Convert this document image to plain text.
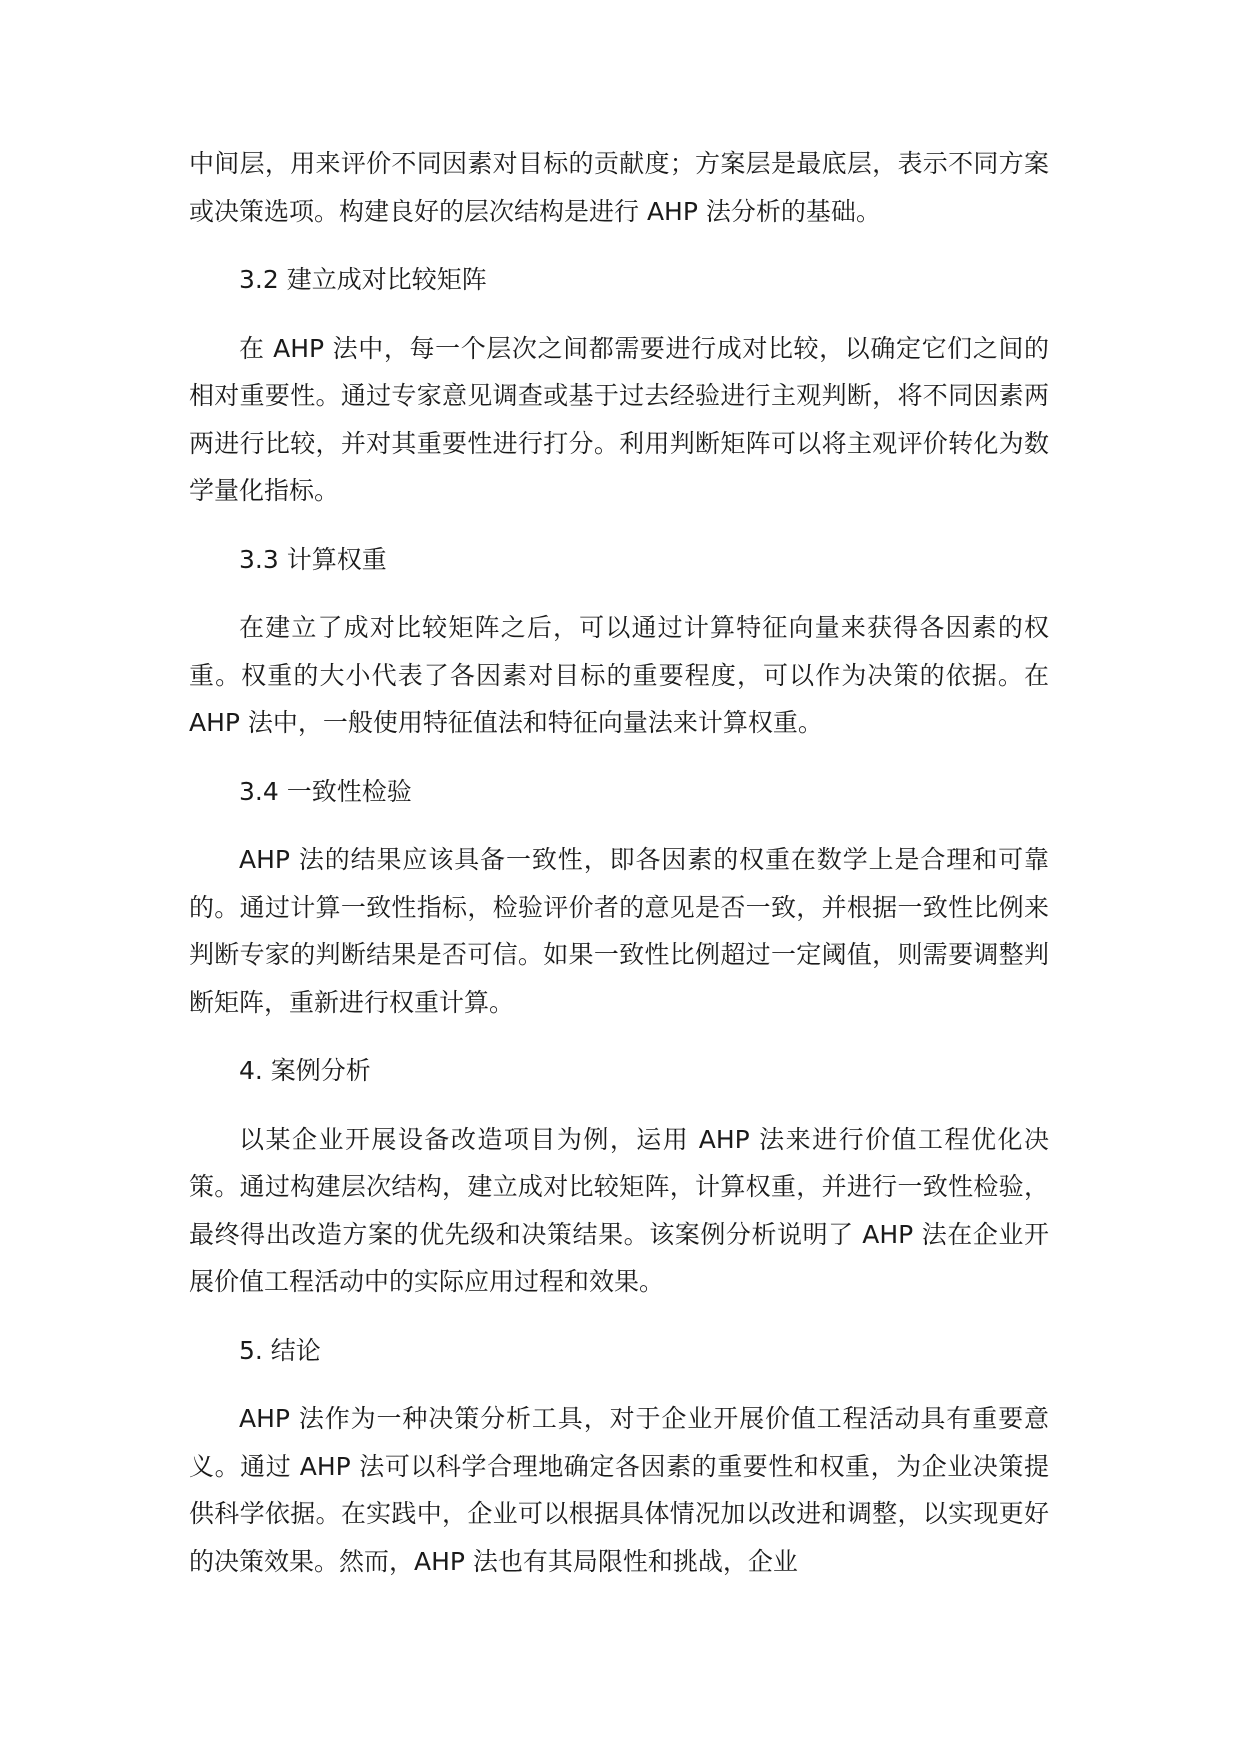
中间层，用来评价不同因素对目标的贡献度；方案层是最底层，表示不同方案或决策选项。构建良好的层次结构是进行 AHP 法分析的基础。

3.2 建立成对比较矩阵

在 AHP 法中，每一个层次之间都需要进行成对比较，以确定它们之间的相对重要性。通过专家意见调查或基于过去经验进行主观判断，将不同因素两两进行比较，并对其重要性进行打分。利用判断矩阵可以将主观评价转化为数学量化指标。

3.3 计算权重

在建立了成对比较矩阵之后，可以通过计算特征向量来获得各因素的权重。权重的大小代表了各因素对目标的重要程度，可以作为决策的依据。在 AHP 法中，一般使用特征值法和特征向量法来计算权重。

3.4 一致性检验

AHP 法的结果应该具备一致性，即各因素的权重在数学上是合理和可靠的。通过计算一致性指标，检验评价者的意见是否一致，并根据一致性比例来判断专家的判断结果是否可信。如果一致性比例超过一定阈值，则需要调整判断矩阵，重新进行权重计算。

4. 案例分析

以某企业开展设备改造项目为例，运用 AHP 法来进行价值工程优化决策。通过构建层次结构，建立成对比较矩阵，计算权重，并进行一致性检验，最终得出改造方案的优先级和决策结果。该案例分析说明了 AHP 法在企业开展价值工程活动中的实际应用过程和效果。

5. 结论

AHP 法作为一种决策分析工具，对于企业开展价值工程活动具有重要意义。通过 AHP 法可以科学合理地确定各因素的重要性和权重，为企业决策提供科学依据。在实践中，企业可以根据具体情况加以改进和调整，以实现更好的决策效果。然而，AHP 法也有其局限性和挑战，企业
